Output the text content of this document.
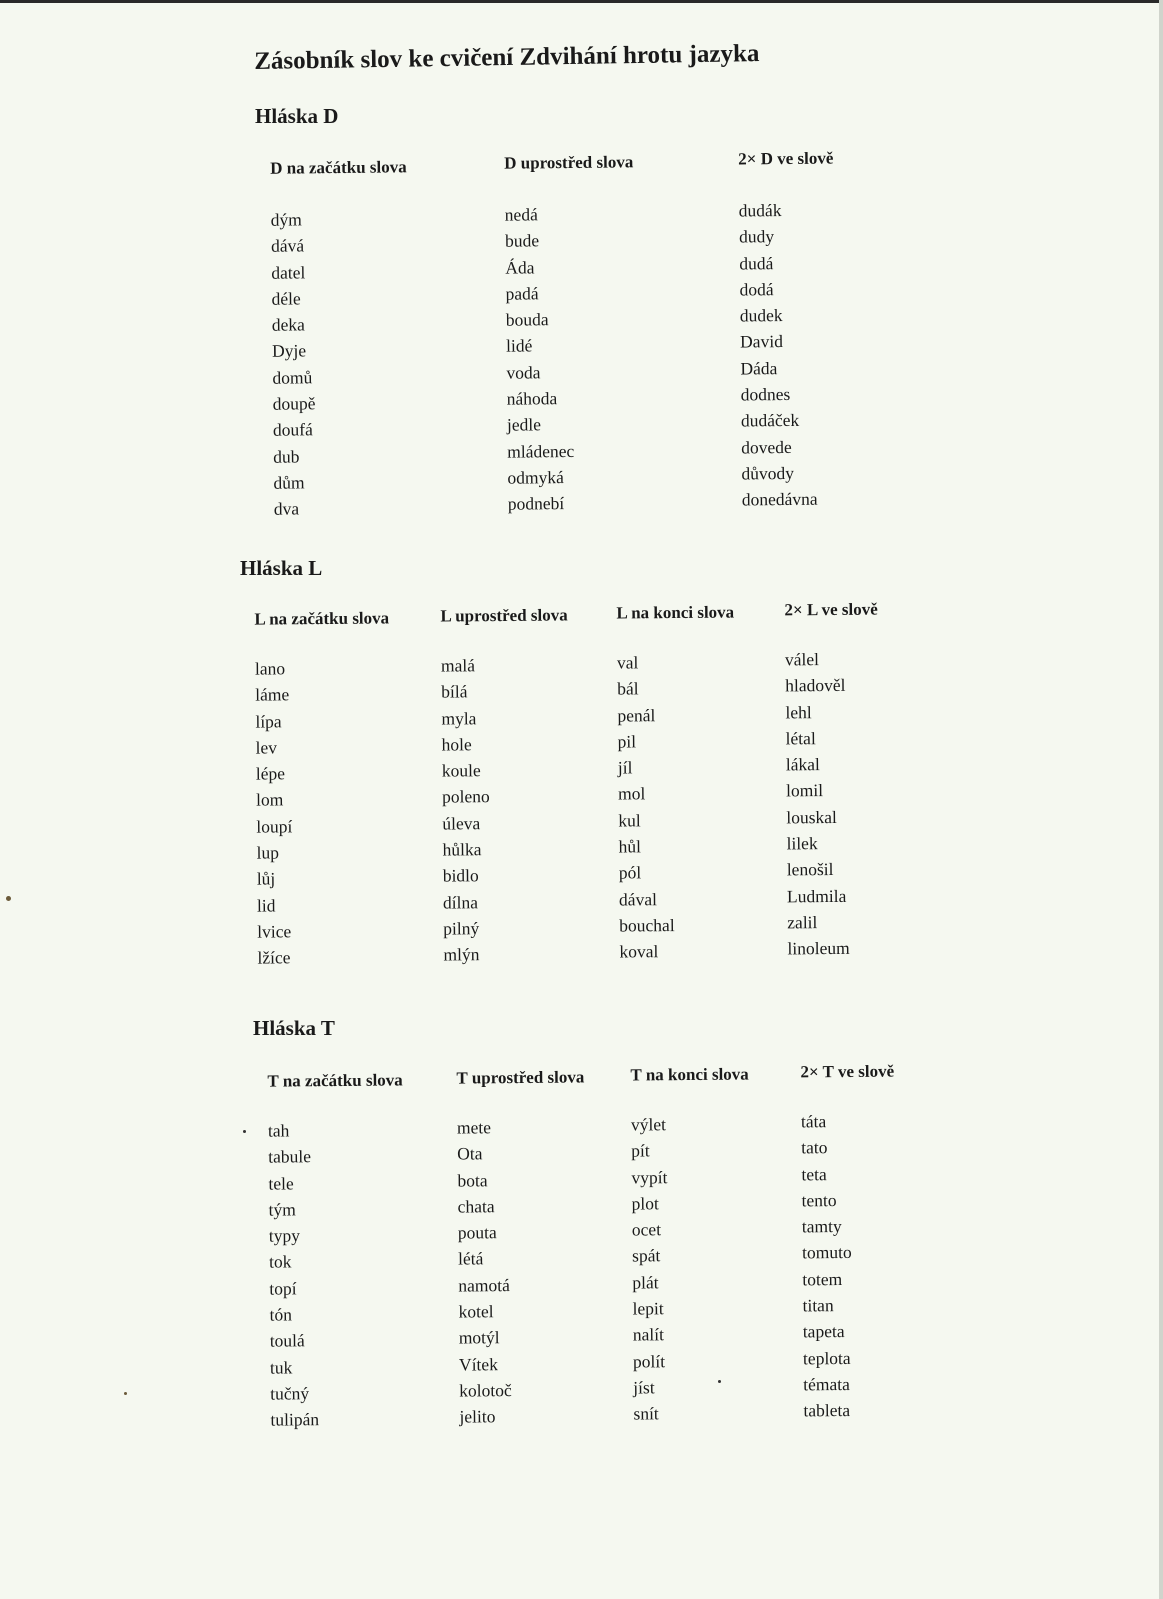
Zásobník slov ke cvičení Zdvihání hrotu jazyka
Hláska D
D na začátku slova
dým
dává
datel
déle
deka
Dyje
domů
doupě
doufá
dub
dům
dva
D uprostřed slova
nedá
bude
Áda
padá
bouda
lidé
voda
náhoda
jedle
mládenec
odmyká
podnebí
2× D ve slově
dudák
dudy
dudá
dodá
dudek
David
Dáda
dodnes
dudáček
dovede
důvody
donedávna
Hláska L
L na začátku slova
lano
láme
lípa
lev
lépe
lom
loupí
lup
lůj
lid
lvice
lžíce
L uprostřed slova
malá
bílá
myla
hole
koule
poleno
úleva
hůlka
bidlo
dílna
pilný
mlýn
L na konci slova
val
bál
penál
pil
jíl
mol
kul
hůl
pól
dával
bouchal
koval
2× L ve slově
válel
hladověl
lehl
létal
lákal
lomil
louskal
lilek
lenošil
Ludmila
zalil
linoleum
Hláska T
T na začátku slova
tah
tabule
tele
tým
typy
tok
topí
tón
toulá
tuk
tučný
tulipán
T uprostřed slova
mete
Ota
bota
chata
pouta
létá
namotá
kotel
motýl
Vítek
kolotoč
jelito
T na konci slova
výlet
pít
vypít
plot
ocet
spát
plát
lepit
nalít
polít
jíst
snít
2× T ve slově
táta
tato
teta
tento
tamty
tomuto
totem
titan
tapeta
teplota
témata
tableta
